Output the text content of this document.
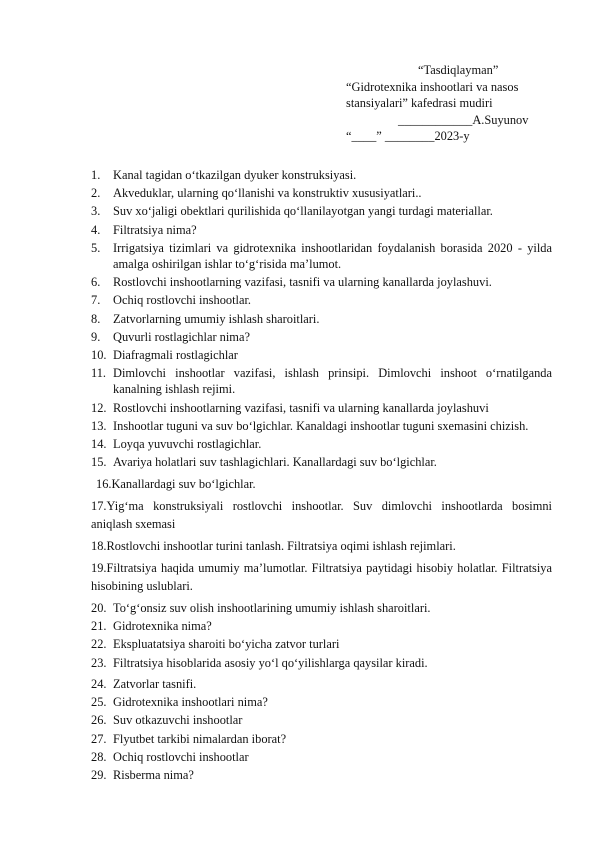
“Tasdiqlayman”
“Gidrotexnika inshootlari va nasos
stansiyalari” kafedrasi mudiri
____________A.Suyunov
“____” ________2023-y
1.	Kanal tagidan o‘tkazilgan dyuker konstruksiyasi.
2.	Akveduklar, ularning qo‘llanishi va konstruktiv xususiyatlari..
3.	Suv xo‘jaligi obektlari qurilishida qo‘llanilayotgan yangi turdagi materiallar.
4.	Filtratsiya nima?
5.	Irrigatsiya tizimlari va gidrotexnika inshootlaridan foydalanish borasida 2020 - yilda amalga oshirilgan ishlar to‘g‘risida ma’lumot.
6.	Rostlovchi inshootlarning vazifasi, tasnifi va ularning kanallarda joylashuvi.
7.	Ochiq rostlovchi inshootlar.
8.	Zatvorlarning umumiy ishlash sharoitlari.
9.	Quvurli rostlagichlar nima?
10. Diafragmali rostlagichlar
11. Dimlovchi inshootlar vazifasi, ishlash prinsipi. Dimlovchi inshoot o‘rnatilganda kanalning ishlash rejimi.
12. Rostlovchi inshootlarning vazifasi, tasnifi va ularning kanallarda joylashuvi
13. Inshootlar tuguni va suv bo‘lgichlar. Kanaldagi inshootlar tuguni sxemasini chizish.
14. Loyqa yuvuvchi rostlagichlar.
15. Avariya holatlari suv tashlagichlari. Kanallardagi suv bo‘lgichlar.
16.Kanallardagi suv bo‘lgichlar.
17.Yig‘ma konstruksiyali rostlovchi inshootlar. Suv dimlovchi inshootlarda bosimni aniqlash sxemasi
18.Rostlovchi inshootlar turini tanlash. Filtratsiya oqimi ishlash rejimlari.
19.Filtratsiya haqida umumiy ma’lumotlar. Filtratsiya paytidagi hisobiy holatlar. Filtratsiya hisobining uslublari.
20. To‘g‘onsiz suv olish inshootlarining umumiy ishlash sharoitlari.
21. Gidrotexnika nima?
22. Ekspluatatsiya sharoiti bo‘yicha zatvor turlari
23. Filtratsiya hisoblarida asosiy yo‘l qo‘yilishlarga qaysilar kiradi.
24. Zatvorlar tasnifi.
25. Gidrotexnika inshootlari nima?
26. Suv otkazuvchi inshootlar
27. Flyutbet tarkibi nimalardan iborat?
28. Ochiq rostlovchi inshootlar
29. Risberma nima?
